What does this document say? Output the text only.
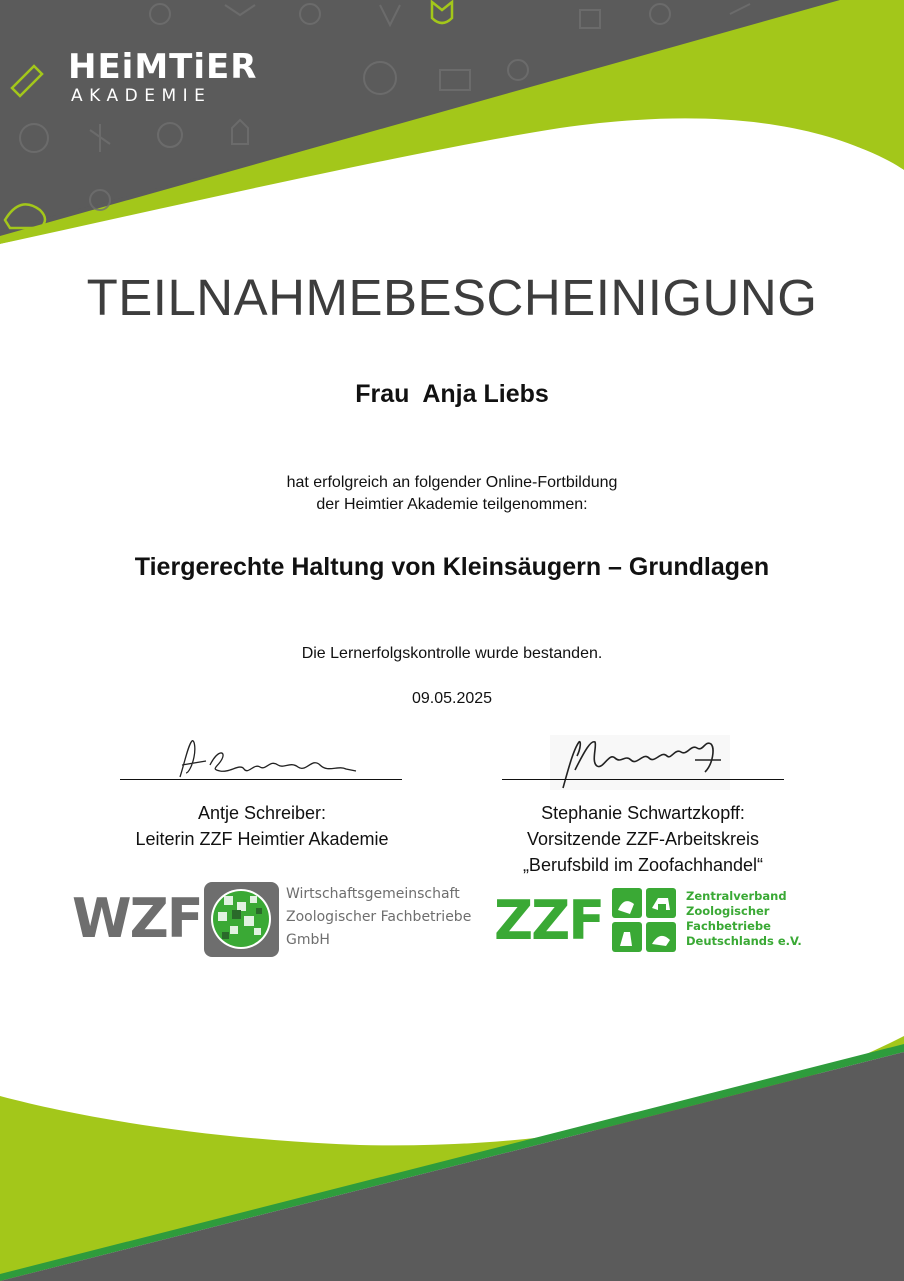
HEiMTiER
AKADEMIE
TEILNAHMEBESCHEINIGUNG
Frau  Anja Liebs
hat erfolgreich an folgender Online-Fortbildung
der Heimtier Akademie teilgenommen:
Tiergerechte Haltung von Kleinsäugern – Grundlagen
Die Lernerfolgskontrolle wurde bestanden.
09.05.2025
Antje Schreiber:
Leiterin ZZF Heimtier Akademie
Stephanie Schwartzkopff:
Vorsitzende ZZF-Arbeitskreis
„Berufsbild im Zoofachhandel“
WZF	Wirtschaftsgemeinschaft
Zoologischer Fachbetriebe
GmbH	ZZF	Zentralverband
Zoologischer
Fachbetriebe
Deutschlands e.V.
